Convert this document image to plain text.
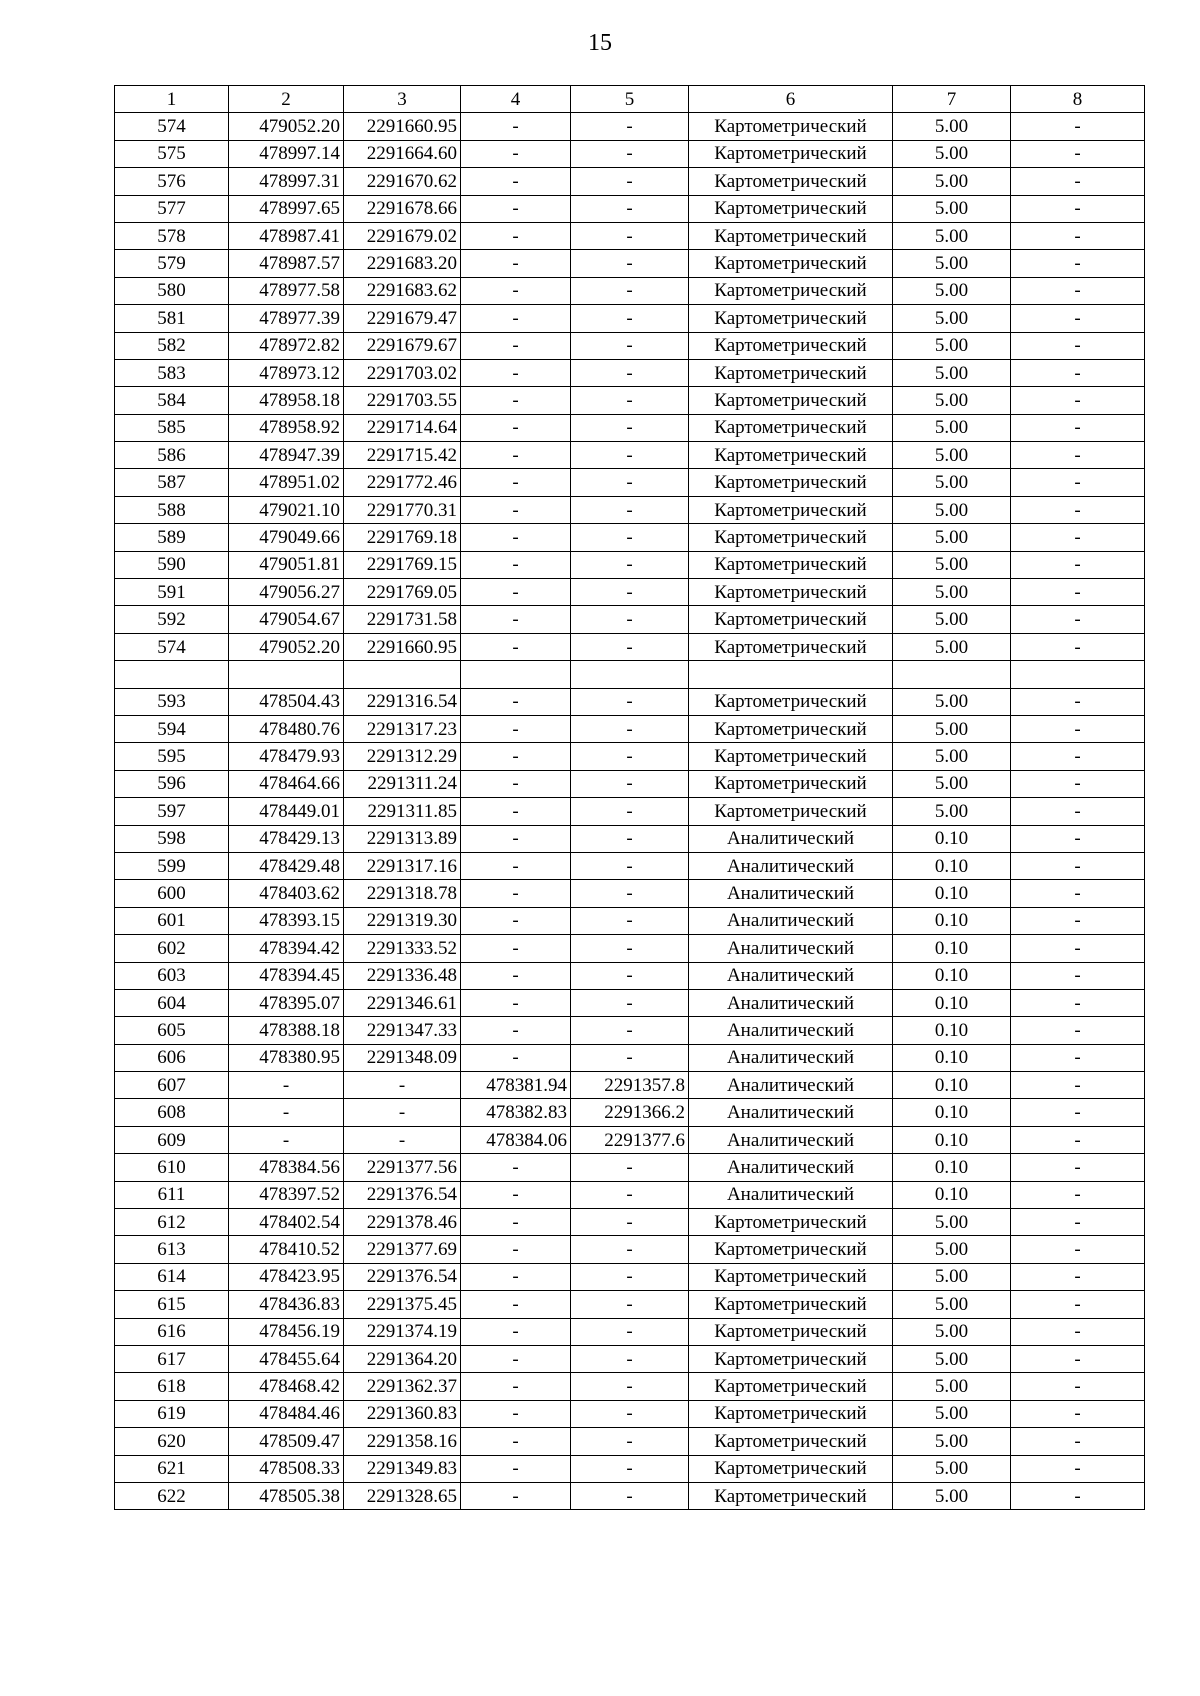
15
1	2	3	4	5	6	7	8
574	479052.20	2291660.95	-	-	Картометрический	5.00	-
575	478997.14	2291664.60	-	-	Картометрический	5.00	-
576	478997.31	2291670.62	-	-	Картометрический	5.00	-
577	478997.65	2291678.66	-	-	Картометрический	5.00	-
578	478987.41	2291679.02	-	-	Картометрический	5.00	-
579	478987.57	2291683.20	-	-	Картометрический	5.00	-
580	478977.58	2291683.62	-	-	Картометрический	5.00	-
581	478977.39	2291679.47	-	-	Картометрический	5.00	-
582	478972.82	2291679.67	-	-	Картометрический	5.00	-
583	478973.12	2291703.02	-	-	Картометрический	5.00	-
584	478958.18	2291703.55	-	-	Картометрический	5.00	-
585	478958.92	2291714.64	-	-	Картометрический	5.00	-
586	478947.39	2291715.42	-	-	Картометрический	5.00	-
587	478951.02	2291772.46	-	-	Картометрический	5.00	-
588	479021.10	2291770.31	-	-	Картометрический	5.00	-
589	479049.66	2291769.18	-	-	Картометрический	5.00	-
590	479051.81	2291769.15	-	-	Картометрический	5.00	-
591	479056.27	2291769.05	-	-	Картометрический	5.00	-
592	479054.67	2291731.58	-	-	Картометрический	5.00	-
574	479052.20	2291660.95	-	-	Картометрический	5.00	-

593	478504.43	2291316.54	-	-	Картометрический	5.00	-
594	478480.76	2291317.23	-	-	Картометрический	5.00	-
595	478479.93	2291312.29	-	-	Картометрический	5.00	-
596	478464.66	2291311.24	-	-	Картометрический	5.00	-
597	478449.01	2291311.85	-	-	Картометрический	5.00	-
598	478429.13	2291313.89	-	-	Аналитический	0.10	-
599	478429.48	2291317.16	-	-	Аналитический	0.10	-
600	478403.62	2291318.78	-	-	Аналитический	0.10	-
601	478393.15	2291319.30	-	-	Аналитический	0.10	-
602	478394.42	2291333.52	-	-	Аналитический	0.10	-
603	478394.45	2291336.48	-	-	Аналитический	0.10	-
604	478395.07	2291346.61	-	-	Аналитический	0.10	-
605	478388.18	2291347.33	-	-	Аналитический	0.10	-
606	478380.95	2291348.09	-	-	Аналитический	0.10	-
607	-	-	478381.94	2291357.8	Аналитический	0.10	-
608	-	-	478382.83	2291366.2	Аналитический	0.10	-
609	-	-	478384.06	2291377.6	Аналитический	0.10	-
610	478384.56	2291377.56	-	-	Аналитический	0.10	-
611	478397.52	2291376.54	-	-	Аналитический	0.10	-
612	478402.54	2291378.46	-	-	Картометрический	5.00	-
613	478410.52	2291377.69	-	-	Картометрический	5.00	-
614	478423.95	2291376.54	-	-	Картометрический	5.00	-
615	478436.83	2291375.45	-	-	Картометрический	5.00	-
616	478456.19	2291374.19	-	-	Картометрический	5.00	-
617	478455.64	2291364.20	-	-	Картометрический	5.00	-
618	478468.42	2291362.37	-	-	Картометрический	5.00	-
619	478484.46	2291360.83	-	-	Картометрический	5.00	-
620	478509.47	2291358.16	-	-	Картометрический	5.00	-
621	478508.33	2291349.83	-	-	Картометрический	5.00	-
622	478505.38	2291328.65	-	-	Картометрический	5.00	-
